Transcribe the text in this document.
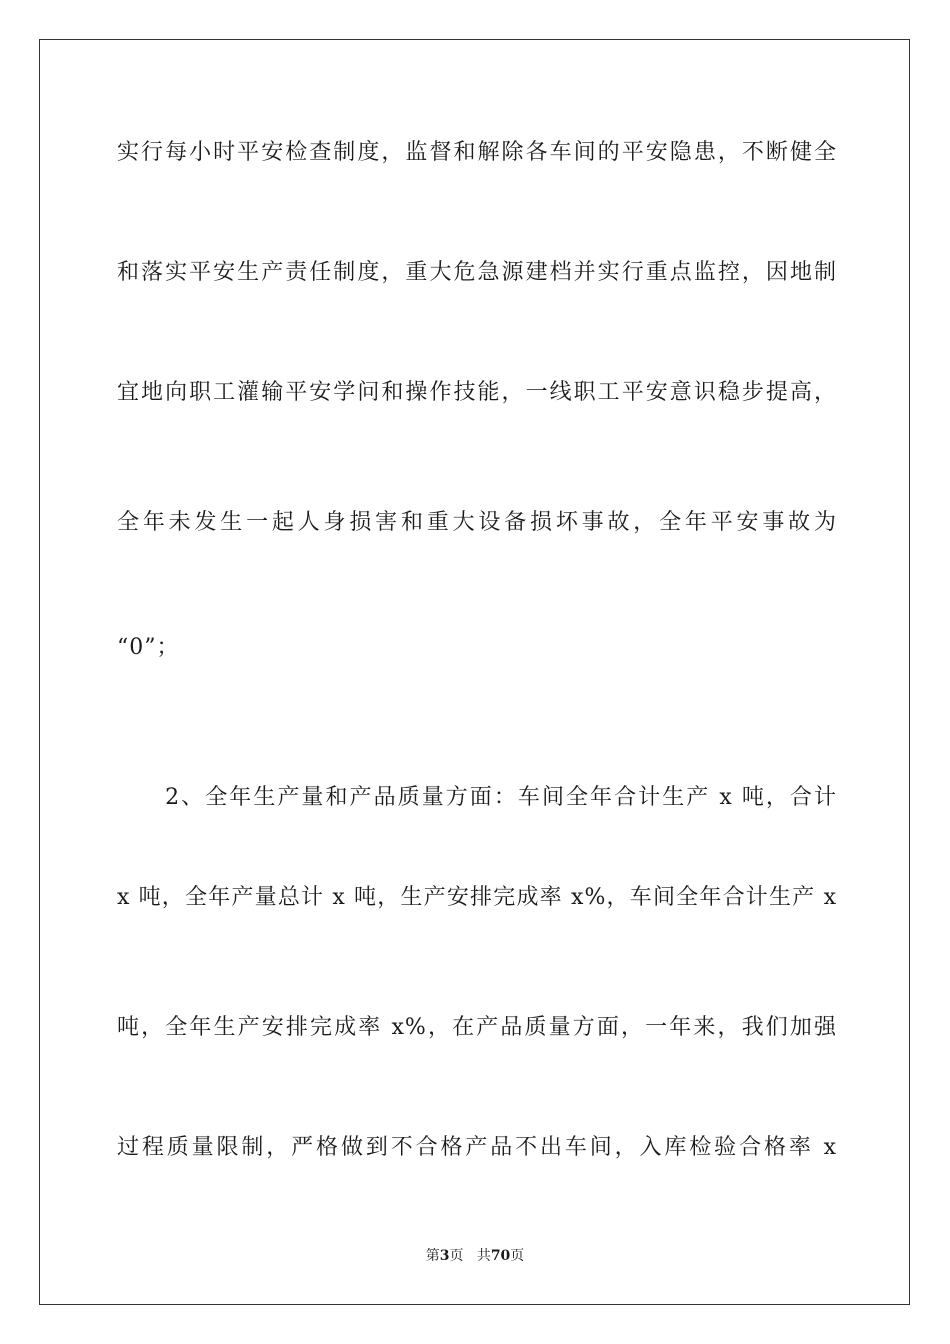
实行每小时平安检查制度，监督和解除各车间的平安隐患，不断健全
和落实平安生产责任制度，重大危急源建档并实行重点监控，因地制
宜地向职工灌输平安学问和操作技能，一线职工平安意识稳步提高，
全年未发生一起人身损害和重大设备损坏事故，全年平安事故为
“0”；
　　2、全年生产量和产品质量方面：车间全年合计生产 x 吨，合计
x 吨，全年产量总计 x 吨，生产安排完成率 x%，车间全年合计生产 x
吨，全年生产安排完成率 x%，在产品质量方面，一年来，我们加强
过程质量限制，严格做到不合格产品不出车间，入库检验合格率 x
第3页 共70页
